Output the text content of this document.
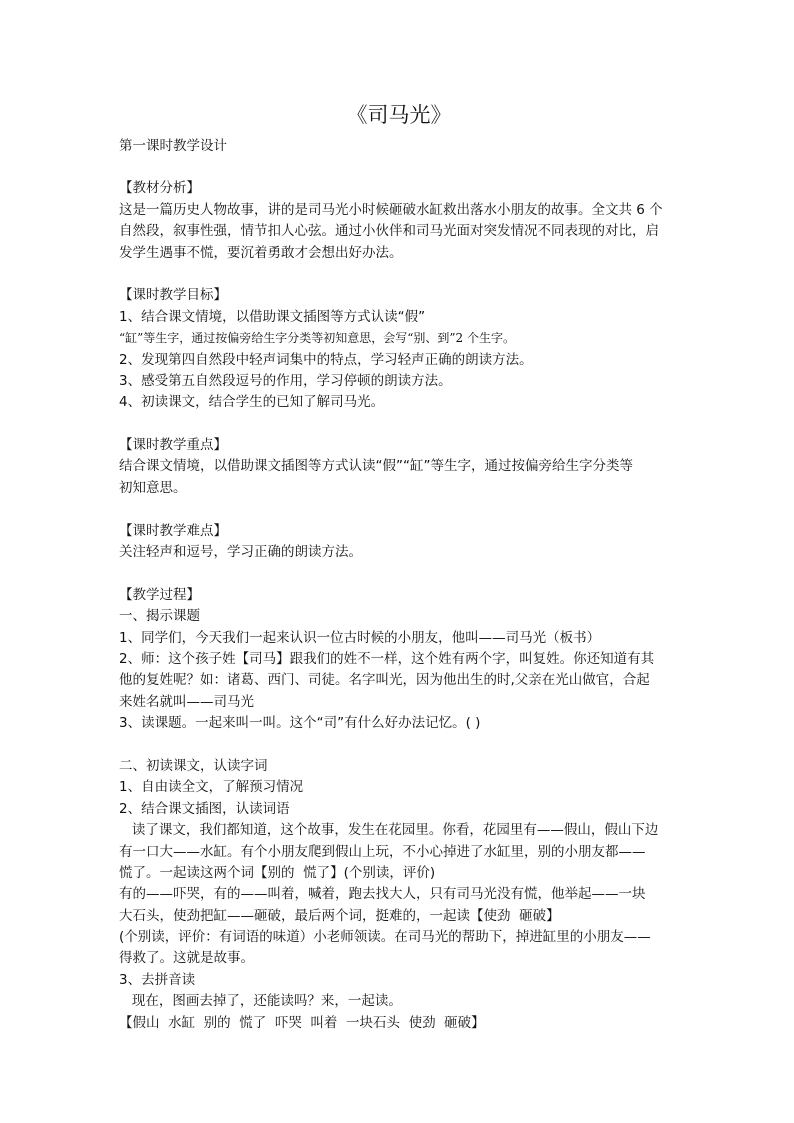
《司马光》
第一课时教学设计
【教材分析】
这是一篇历史人物故事，讲的是司马光小时候砸破水缸救出落水小朋友的故事。全文共 6 个
自然段，叙事性强，情节扣人心弦。通过小伙伴和司马光面对突发情况不同表现的对比，启
发学生遇事不慌，要沉着勇敢才会想出好办法。
【课时教学目标】
1、结合课文情境，以借助课文插图等方式认读“假”
“缸”等生字，通过按偏旁给生字分类等初知意思，会写“别、到”2 个生字。
2、发现第四自然段中轻声词集中的特点，学习轻声正确的朗读方法。
3、感受第五自然段逗号的作用，学习停顿的朗读方法。
4、初读课文，结合学生的已知了解司马光。
【课时教学重点】
结合课文情境，以借助课文插图等方式认读“假”“缸”等生字，通过按偏旁给生字分类等
初知意思。
【课时教学难点】
关注轻声和逗号，学习正确的朗读方法。
【教学过程】
一、揭示课题
1、同学们，今天我们一起来认识一位古时候的小朋友，他叫——司马光（板书）
2、师：这个孩子姓【司马】跟我们的姓不一样，这个姓有两个字，叫复姓。你还知道有其
他的复姓呢？如：诸葛、西门、司徒。名字叫光，因为他出生的时,父亲在光山做官，合起
来姓名就叫——司马光
3、读课题。一起来叫一叫。这个“司”有什么好办法记忆。( )
二、初读课文，认读字词
1、自由读全文，了解预习情况
2、结合课文插图，认读词语
读了课文，我们都知道，这个故事，发生在花园里。你看，花园里有——假山，假山下边
有一口大——水缸。有个小朋友爬到假山上玩，不小心掉进了水缸里，别的小朋友都——
慌了。一起读这两个词【别的  慌了】(个别读，评价)
有的——吓哭，有的——叫着，喊着，跑去找大人，只有司马光没有慌，他举起——一块
大石头，使劲把缸——砸破，最后两个词，挺难的，一起读【使劲  砸破】
(个别读，评价：有词语的味道）小老师领读。在司马光的帮助下，掉进缸里的小朋友——
得救了。这就是故事。
3、去拼音读
现在，图画去掉了，还能读吗？来，一起读。
【假山  水缸  别的  慌了  吓哭  叫着  一块石头  使劲  砸破】
